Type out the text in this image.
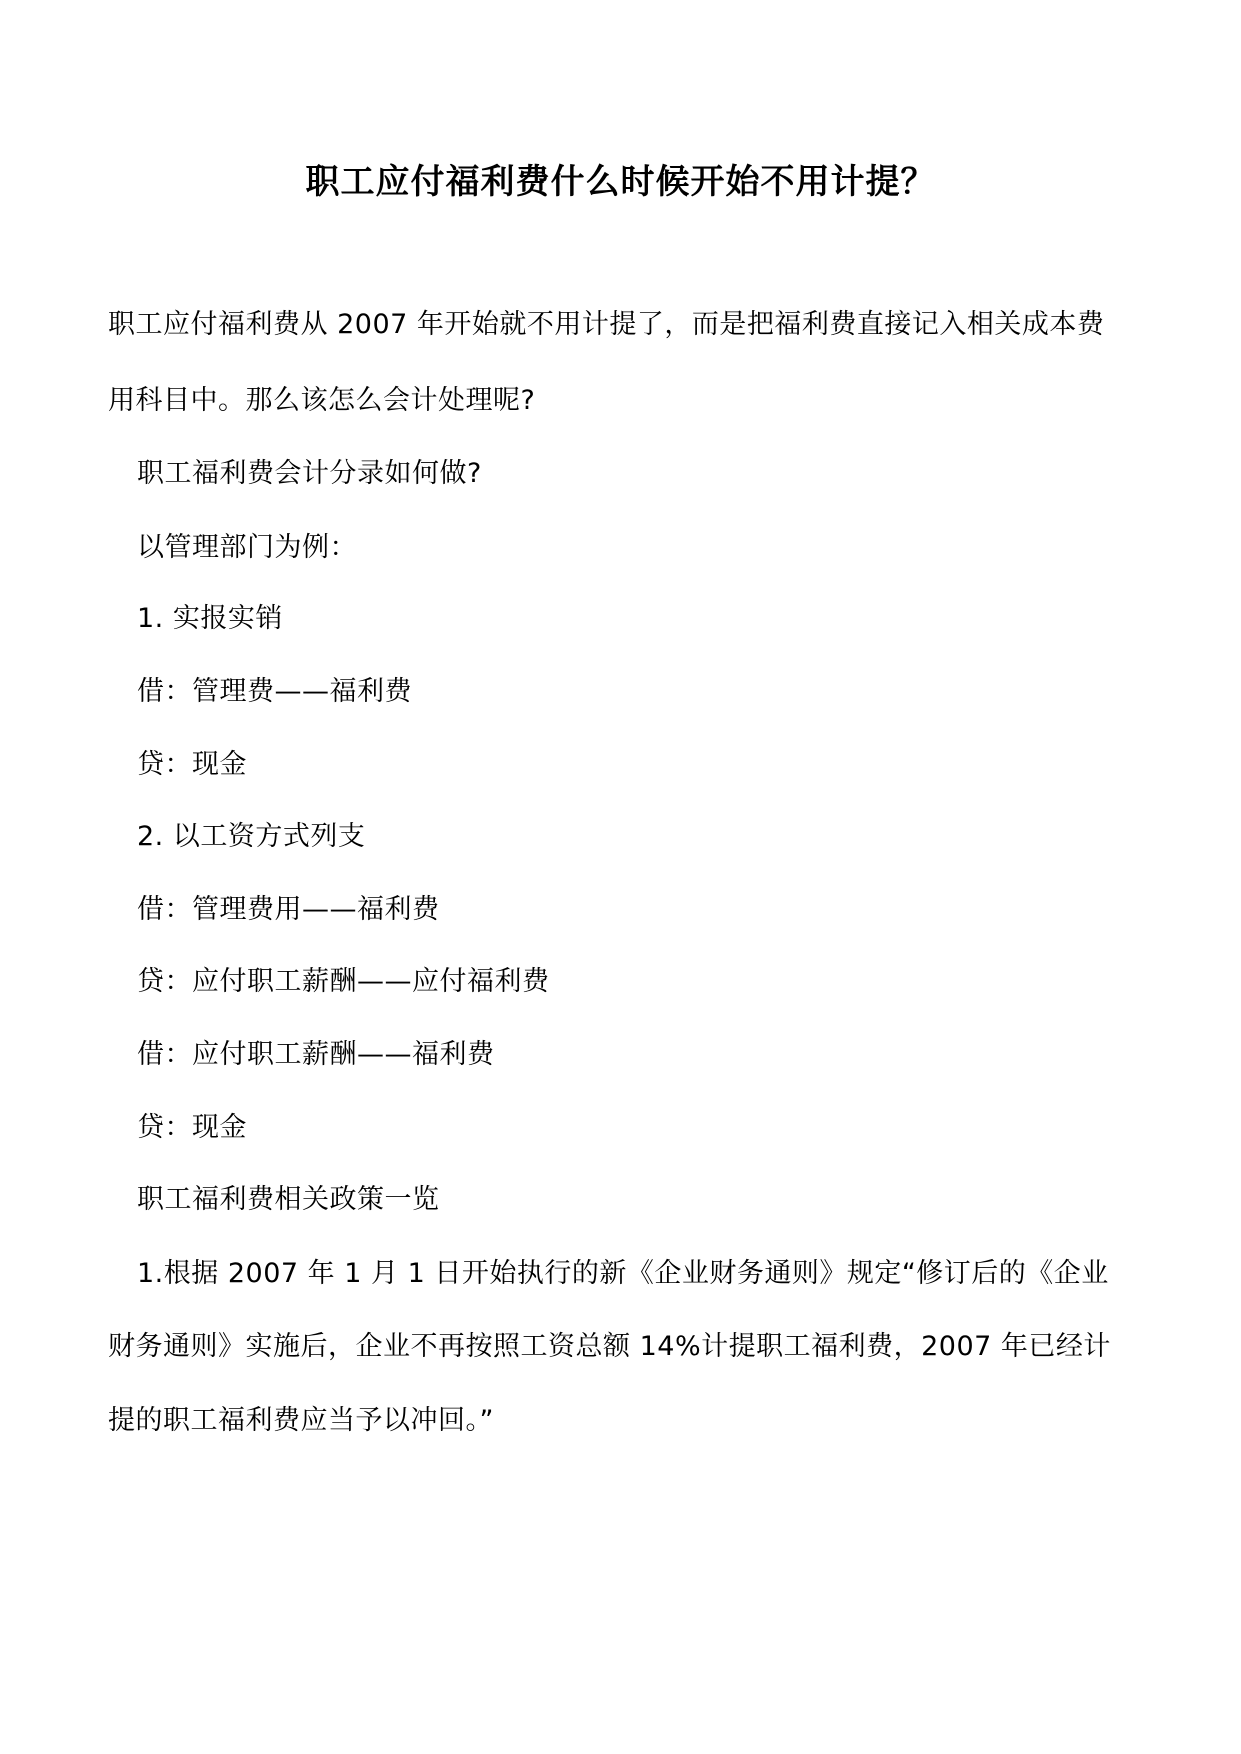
职工应付福利费什么时候开始不用计提？
职工应付福利费从 2007 年开始就不用计提了，而是把福利费直接记入相关成本费
用科目中。那么该怎么会计处理呢?
职工福利费会计分录如何做?
以管理部门为例：
1. 实报实销
借：管理费——福利费
贷：现金
2. 以工资方式列支
借：管理费用——福利费
贷：应付职工薪酬——应付福利费
借：应付职工薪酬——福利费
贷：现金
职工福利费相关政策一览
1.根据 2007 年 1 月 1 日开始执行的新《企业财务通则》规定“修订后的《企业
财务通则》实施后，企业不再按照工资总额 14%计提职工福利费，2007 年已经计
提的职工福利费应当予以冲回。”
